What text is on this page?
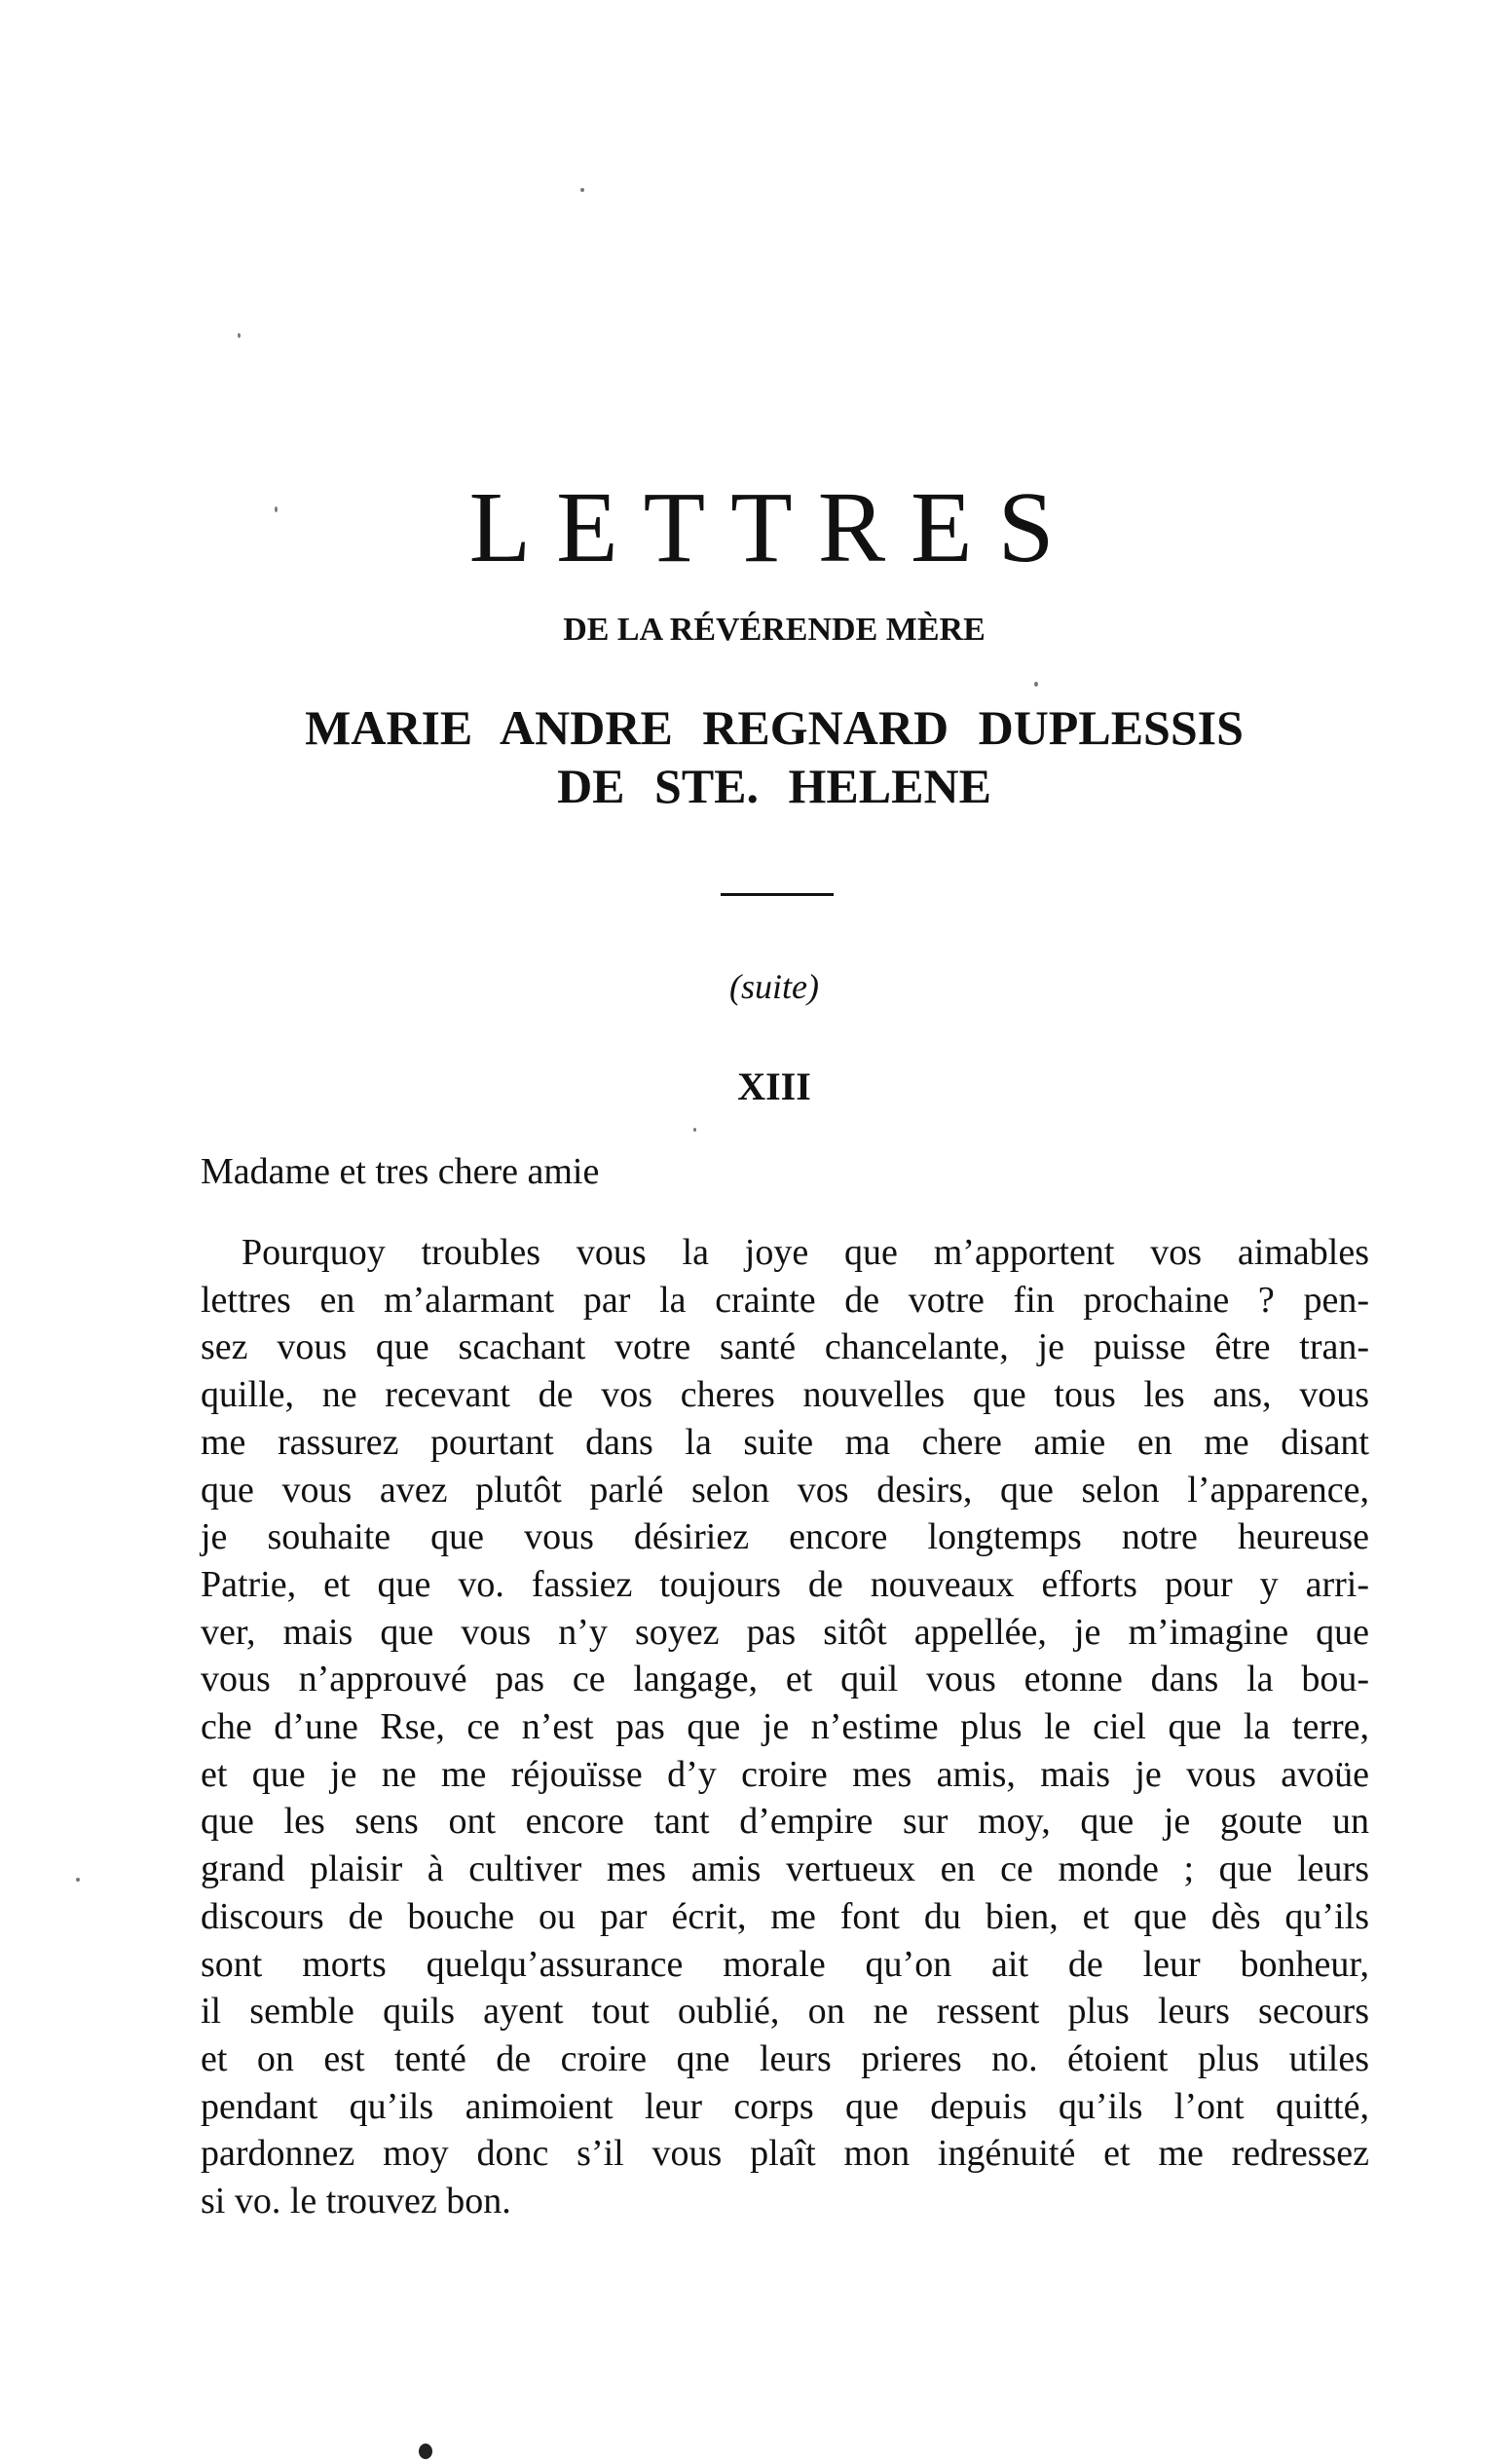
LETTRES
DE LA RÉVÉRENDE MÈRE
MARIE ANDRE REGNARD DUPLESSIS
DE STE. HELENE
(suite)
XIII
Madame et tres chere amie
Pourquoy troubles vous la joye que m’apportent vos aimables
lettres en m’alarmant par la crainte de votre fin prochaine ? pen-
sez vous que scachant votre santé chancelante, je puisse être tran-
quille, ne recevant de vos cheres nouvelles que tous les ans, vous
me rassurez pourtant dans la suite ma chere amie en me disant
que vous avez plutôt parlé selon vos desirs, que selon l’apparence,
je souhaite que vous désiriez encore longtemps notre heureuse
Patrie, et que vo. fassiez toujours de nouveaux efforts pour y arri-
ver, mais que vous n’y soyez pas sitôt appellée, je m’imagine que
vous n’approuvé pas ce langage, et quil vous etonne dans la bou-
che d’une Rse, ce n’est pas que je n’estime plus le ciel que la terre,
et que je ne me réjouïsse d’y croire mes amis, mais je vous avoüe
que les sens ont encore tant d’empire sur moy, que je goute un
grand plaisir à cultiver mes amis vertueux en ce monde ; que leurs
discours de bouche ou par écrit, me font du bien, et que dès qu’ils
sont morts quelqu’assurance morale qu’on ait de leur bonheur,
il semble quils ayent tout oublié, on ne ressent plus leurs secours
et on est tenté de croire qne leurs prieres no. étoient plus utiles
pendant qu’ils animoient leur corps que depuis qu’ils l’ont quitté,
pardonnez moy donc s’il vous plaît mon ingénuité et me redressez
si vo. le trouvez bon.
